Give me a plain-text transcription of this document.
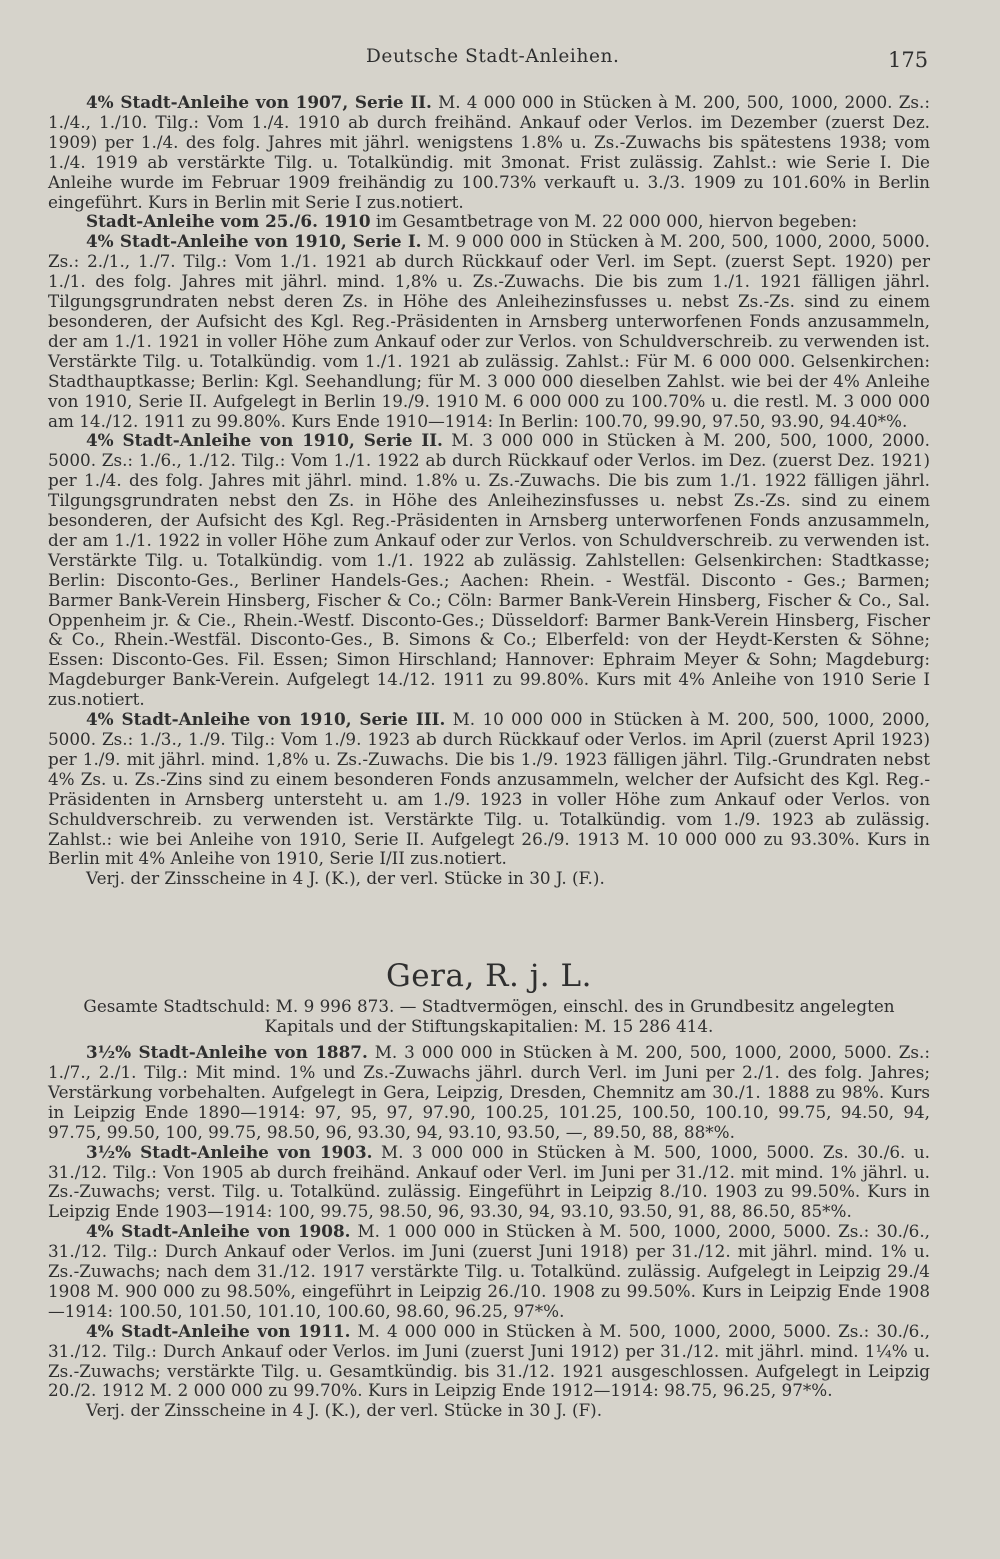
Deutsche Stadt-Anleihen.	175

4% Stadt-Anleihe von 1907, Serie II. M. 4 000 000 in Stücken à M. 200, 500, 1000, 2000. Zs.: 1./4., 1./10. Tilg.: Vom 1./4. 1910 ab durch freihänd. Ankauf oder Verlos. im Dezember (zuerst Dez. 1909) per 1./4. des folg. Jahres mit jährl. wenigstens 1.8% u. Zs.-Zuwachs bis spätestens 1938; vom 1./4. 1919 ab verstärkte Tilg. u. Totalkündig. mit 3monat. Frist zulässig. Zahlst.: wie Serie I. Die Anleihe wurde im Februar 1909 freihändig zu 100.73% verkauft u. 3./3. 1909 zu 101.60% in Berlin eingeführt. Kurs in Berlin mit Serie I zus.notiert.

Stadt-Anleihe vom 25./6. 1910 im Gesamtbetrage von M. 22 000 000, hiervon begeben:

4% Stadt-Anleihe von 1910, Serie I. M. 9 000 000 in Stücken à M. 200, 500, 1000, 2000, 5000. Zs.: 2./1., 1./7. Tilg.: Vom 1./1. 1921 ab durch Rückkauf oder Verl. im Sept. (zuerst Sept. 1920) per 1./1. des folg. Jahres mit jährl. mind. 1,8% u. Zs.-Zuwachs. Die bis zum 1./1. 1921 fälligen jährl. Tilgungsgrundraten nebst deren Zs. in Höhe des Anleihezinsfusses u. nebst Zs.-Zs. sind zu einem besonderen, der Aufsicht des Kgl. Reg.-Präsidenten in Arnsberg unterworfenen Fonds anzusammeln, der am 1./1. 1921 in voller Höhe zum Ankauf oder zur Verlos. von Schuldverschreib. zu verwenden ist. Verstärkte Tilg. u. Totalkündig. vom 1./1. 1921 ab zulässig. Zahlst.: Für M. 6 000 000. Gelsenkirchen: Stadthauptkasse; Berlin: Kgl. Seehandlung; für M. 3 000 000 dieselben Zahlst. wie bei der 4% Anleihe von 1910, Serie II. Aufgelegt in Berlin 19./9. 1910 M. 6 000 000 zu 100.70% u. die restl. M. 3 000 000 am 14./12. 1911 zu 99.80%. Kurs Ende 1910—1914: In Berlin: 100.70, 99.90, 97.50, 93.90, 94.40*%.

4% Stadt-Anleihe von 1910, Serie II. M. 3 000 000 in Stücken à M. 200, 500, 1000, 2000. 5000. Zs.: 1./6., 1./12. Tilg.: Vom 1./1. 1922 ab durch Rückkauf oder Verlos. im Dez. (zuerst Dez. 1921) per 1./4. des folg. Jahres mit jährl. mind. 1.8% u. Zs.-Zuwachs. Die bis zum 1./1. 1922 fälligen jährl. Tilgungsgrundraten nebst den Zs. in Höhe des Anleihezinsfusses u. nebst Zs.-Zs. sind zu einem besonderen, der Aufsicht des Kgl. Reg.-Präsidenten in Arnsberg unterworfenen Fonds anzusammeln, der am 1./1. 1922 in voller Höhe zum Ankauf oder zur Verlos. von Schuldverschreib. zu verwenden ist. Verstärkte Tilg. u. Totalkündig. vom 1./1. 1922 ab zulässig. Zahlstellen: Gelsenkirchen: Stadtkasse; Berlin: Disconto-Ges., Berliner Handels-Ges.; Aachen: Rhein. - Westfäl. Disconto - Ges.; Barmen; Barmer Bank-Verein Hinsberg, Fischer & Co.; Cöln: Barmer Bank-Verein Hinsberg, Fischer & Co., Sal. Oppenheim jr. & Cie., Rhein.-Westf. Disconto-Ges.; Düsseldorf: Barmer Bank-Verein Hinsberg, Fischer & Co., Rhein.-Westfäl. Disconto-Ges., B. Simons & Co.; Elberfeld: von der Heydt-Kersten & Söhne; Essen: Disconto-Ges. Fil. Essen; Simon Hirschland; Hannover: Ephraim Meyer & Sohn; Magdeburg: Magdeburger Bank-Verein. Aufgelegt 14./12. 1911 zu 99.80%. Kurs mit 4% Anleihe von 1910 Serie I zus.notiert.

4% Stadt-Anleihe von 1910, Serie III. M. 10 000 000 in Stücken à M. 200, 500, 1000, 2000, 5000. Zs.: 1./3., 1./9. Tilg.: Vom 1./9. 1923 ab durch Rückkauf oder Verlos. im April (zuerst April 1923) per 1./9. mit jährl. mind. 1,8% u. Zs.-Zuwachs. Die bis 1./9. 1923 fälligen jährl. Tilg.-Grundraten nebst 4% Zs. u. Zs.-Zins sind zu einem besonderen Fonds anzusammeln, welcher der Aufsicht des Kgl. Reg.-Präsidenten in Arnsberg untersteht u. am 1./9. 1923 in voller Höhe zum Ankauf oder Verlos. von Schuldverschreib. zu verwenden ist. Verstärkte Tilg. u. Totalkündig. vom 1./9. 1923 ab zulässig. Zahlst.: wie bei Anleihe von 1910, Serie II. Aufgelegt 26./9. 1913 M. 10 000 000 zu 93.30%. Kurs in Berlin mit 4% Anleihe von 1910, Serie I/II zus.notiert.

Verj. der Zinsscheine in 4 J. (K.), der verl. Stücke in 30 J. (F.).

Gera, R. j. L.

Gesamte Stadtschuld: M. 9 996 873. — Stadtvermögen, einschl. des in Grundbesitz angelegten Kapitals und der Stiftungskapitalien: M. 15 286 414.

3½% Stadt-Anleihe von 1887. M. 3 000 000 in Stücken à M. 200, 500, 1000, 2000, 5000. Zs.: 1./7., 2./1. Tilg.: Mit mind. 1% und Zs.-Zuwachs jährl. durch Verl. im Juni per 2./1. des folg. Jahres; Verstärkung vorbehalten. Aufgelegt in Gera, Leipzig, Dresden, Chemnitz am 30./1. 1888 zu 98%. Kurs in Leipzig Ende 1890—1914: 97, 95, 97, 97.90, 100.25, 101.25, 100.50, 100.10, 99.75, 94.50, 94, 97.75, 99.50, 100, 99.75, 98.50, 96, 93.30, 94, 93.10, 93.50, —, 89.50, 88, 88*%.

3½% Stadt-Anleihe von 1903. M. 3 000 000 in Stücken à M. 500, 1000, 5000. Zs. 30./6. u. 31./12. Tilg.: Von 1905 ab durch freihänd. Ankauf oder Verl. im Juni per 31./12. mit mind. 1% jährl. u. Zs.-Zuwachs; verst. Tilg. u. Totalkünd. zulässig. Eingeführt in Leipzig 8./10. 1903 zu 99.50%. Kurs in Leipzig Ende 1903—1914: 100, 99.75, 98.50, 96, 93.30, 94, 93.10, 93.50, 91, 88, 86.50, 85*%.

4% Stadt-Anleihe von 1908. M. 1 000 000 in Stücken à M. 500, 1000, 2000, 5000. Zs.: 30./6., 31./12. Tilg.: Durch Ankauf oder Verlos. im Juni (zuerst Juni 1918) per 31./12. mit jährl. mind. 1% u. Zs.-Zuwachs; nach dem 31./12. 1917 verstärkte Tilg. u. Totalkünd. zulässig. Aufgelegt in Leipzig 29./4 1908 M. 900 000 zu 98.50%, eingeführt in Leipzig 26./10. 1908 zu 99.50%. Kurs in Leipzig Ende 1908—1914: 100.50, 101.50, 101.10, 100.60, 98.60, 96.25, 97*%.

4% Stadt-Anleihe von 1911. M. 4 000 000 in Stücken à M. 500, 1000, 2000, 5000. Zs.: 30./6., 31./12. Tilg.: Durch Ankauf oder Verlos. im Juni (zuerst Juni 1912) per 31./12. mit jährl. mind. 1¼% u. Zs.-Zuwachs; verstärkte Tilg. u. Gesamtkündig. bis 31./12. 1921 ausgeschlossen. Aufgelegt in Leipzig 20./2. 1912 M. 2 000 000 zu 99.70%. Kurs in Leipzig Ende 1912—1914: 98.75, 96.25, 97*%.

Verj. der Zinsscheine in 4 J. (K.), der verl. Stücke in 30 J. (F).
